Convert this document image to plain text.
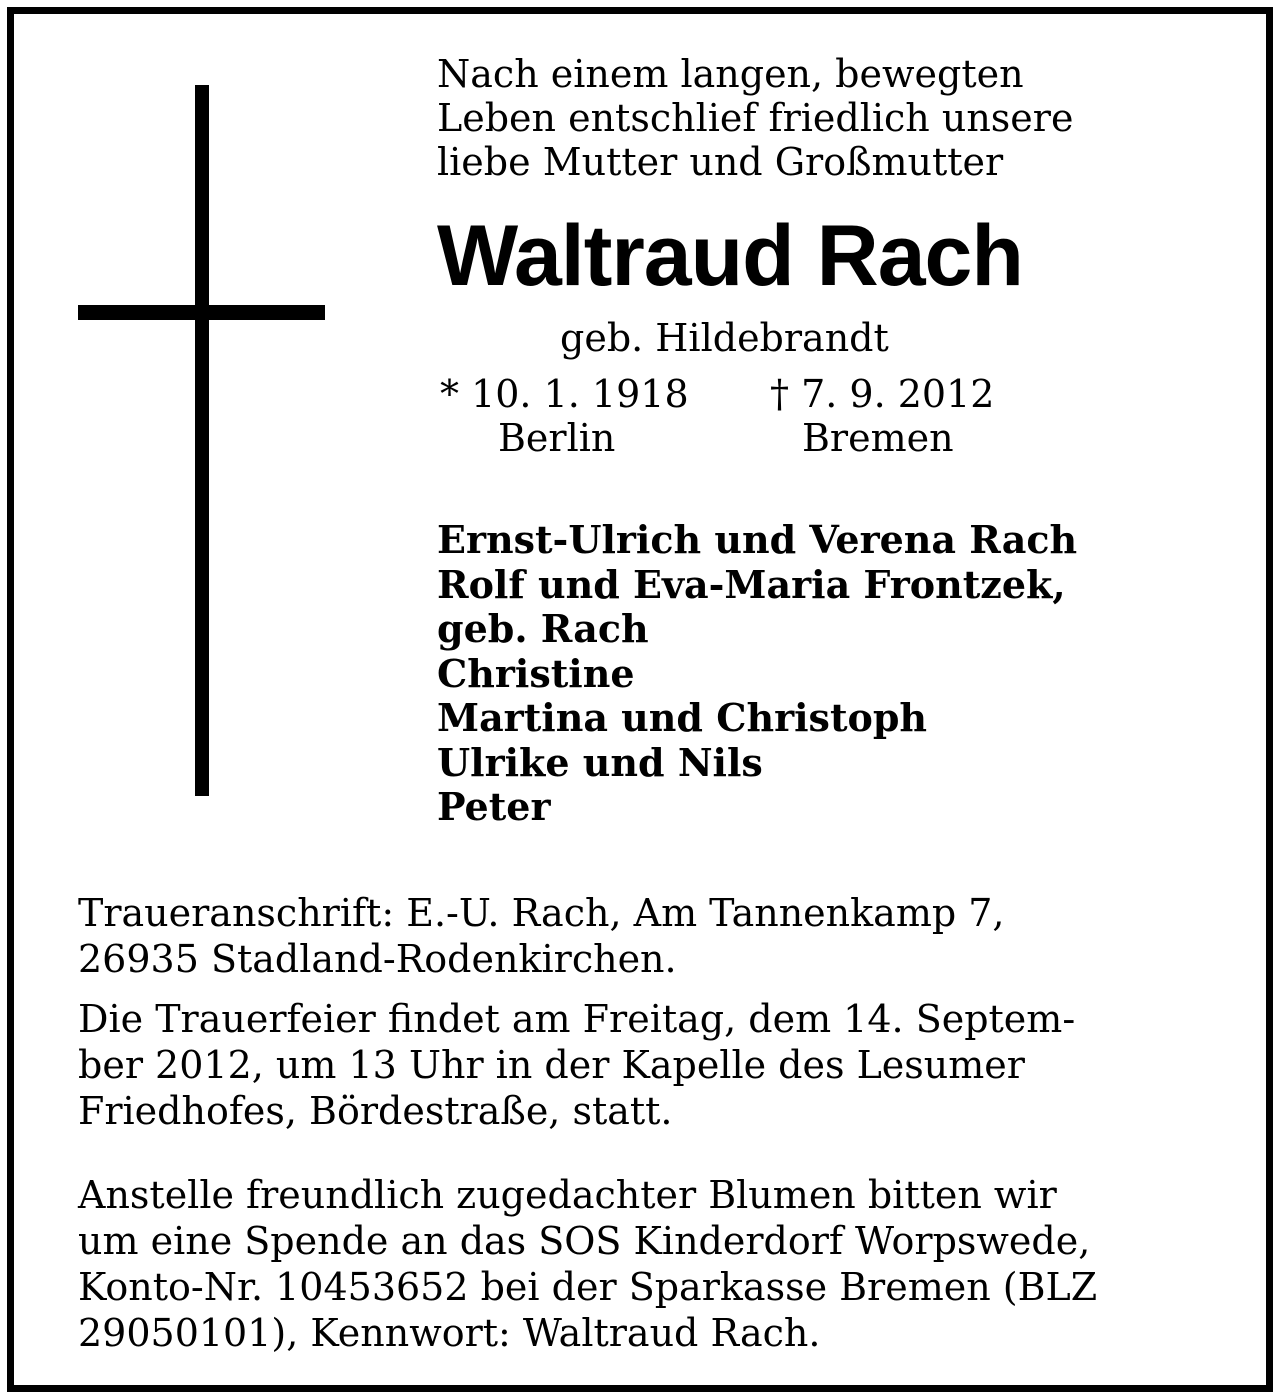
Nach einem langen, bewegten
Leben entschlief friedlich unsere
liebe Mutter und Großmutter
Waltraud Rach
geb. Hildebrandt
* 10. 1. 1918
Berlin
† 7. 9. 2012
Bremen
Ernst-Ulrich und Verena Rach
Rolf und Eva-Maria Frontzek,
geb. Rach
Christine
Martina und Christoph
Ulrike und Nils
Peter
Traueranschrift: E.-U. Rach, Am Tannenkamp 7,
26935 Stadland-Rodenkirchen.
Die Trauerfeier findet am Freitag, dem 14. Septem-
ber 2012, um 13 Uhr in der Kapelle des Lesumer
Friedhofes, Bördestraße, statt.
Anstelle freundlich zugedachter Blumen bitten wir
um eine Spende an das SOS Kinderdorf Worpswede,
Konto-Nr. 10453652 bei der Sparkasse Bremen (BLZ
29050101), Kennwort: Waltraud Rach.
